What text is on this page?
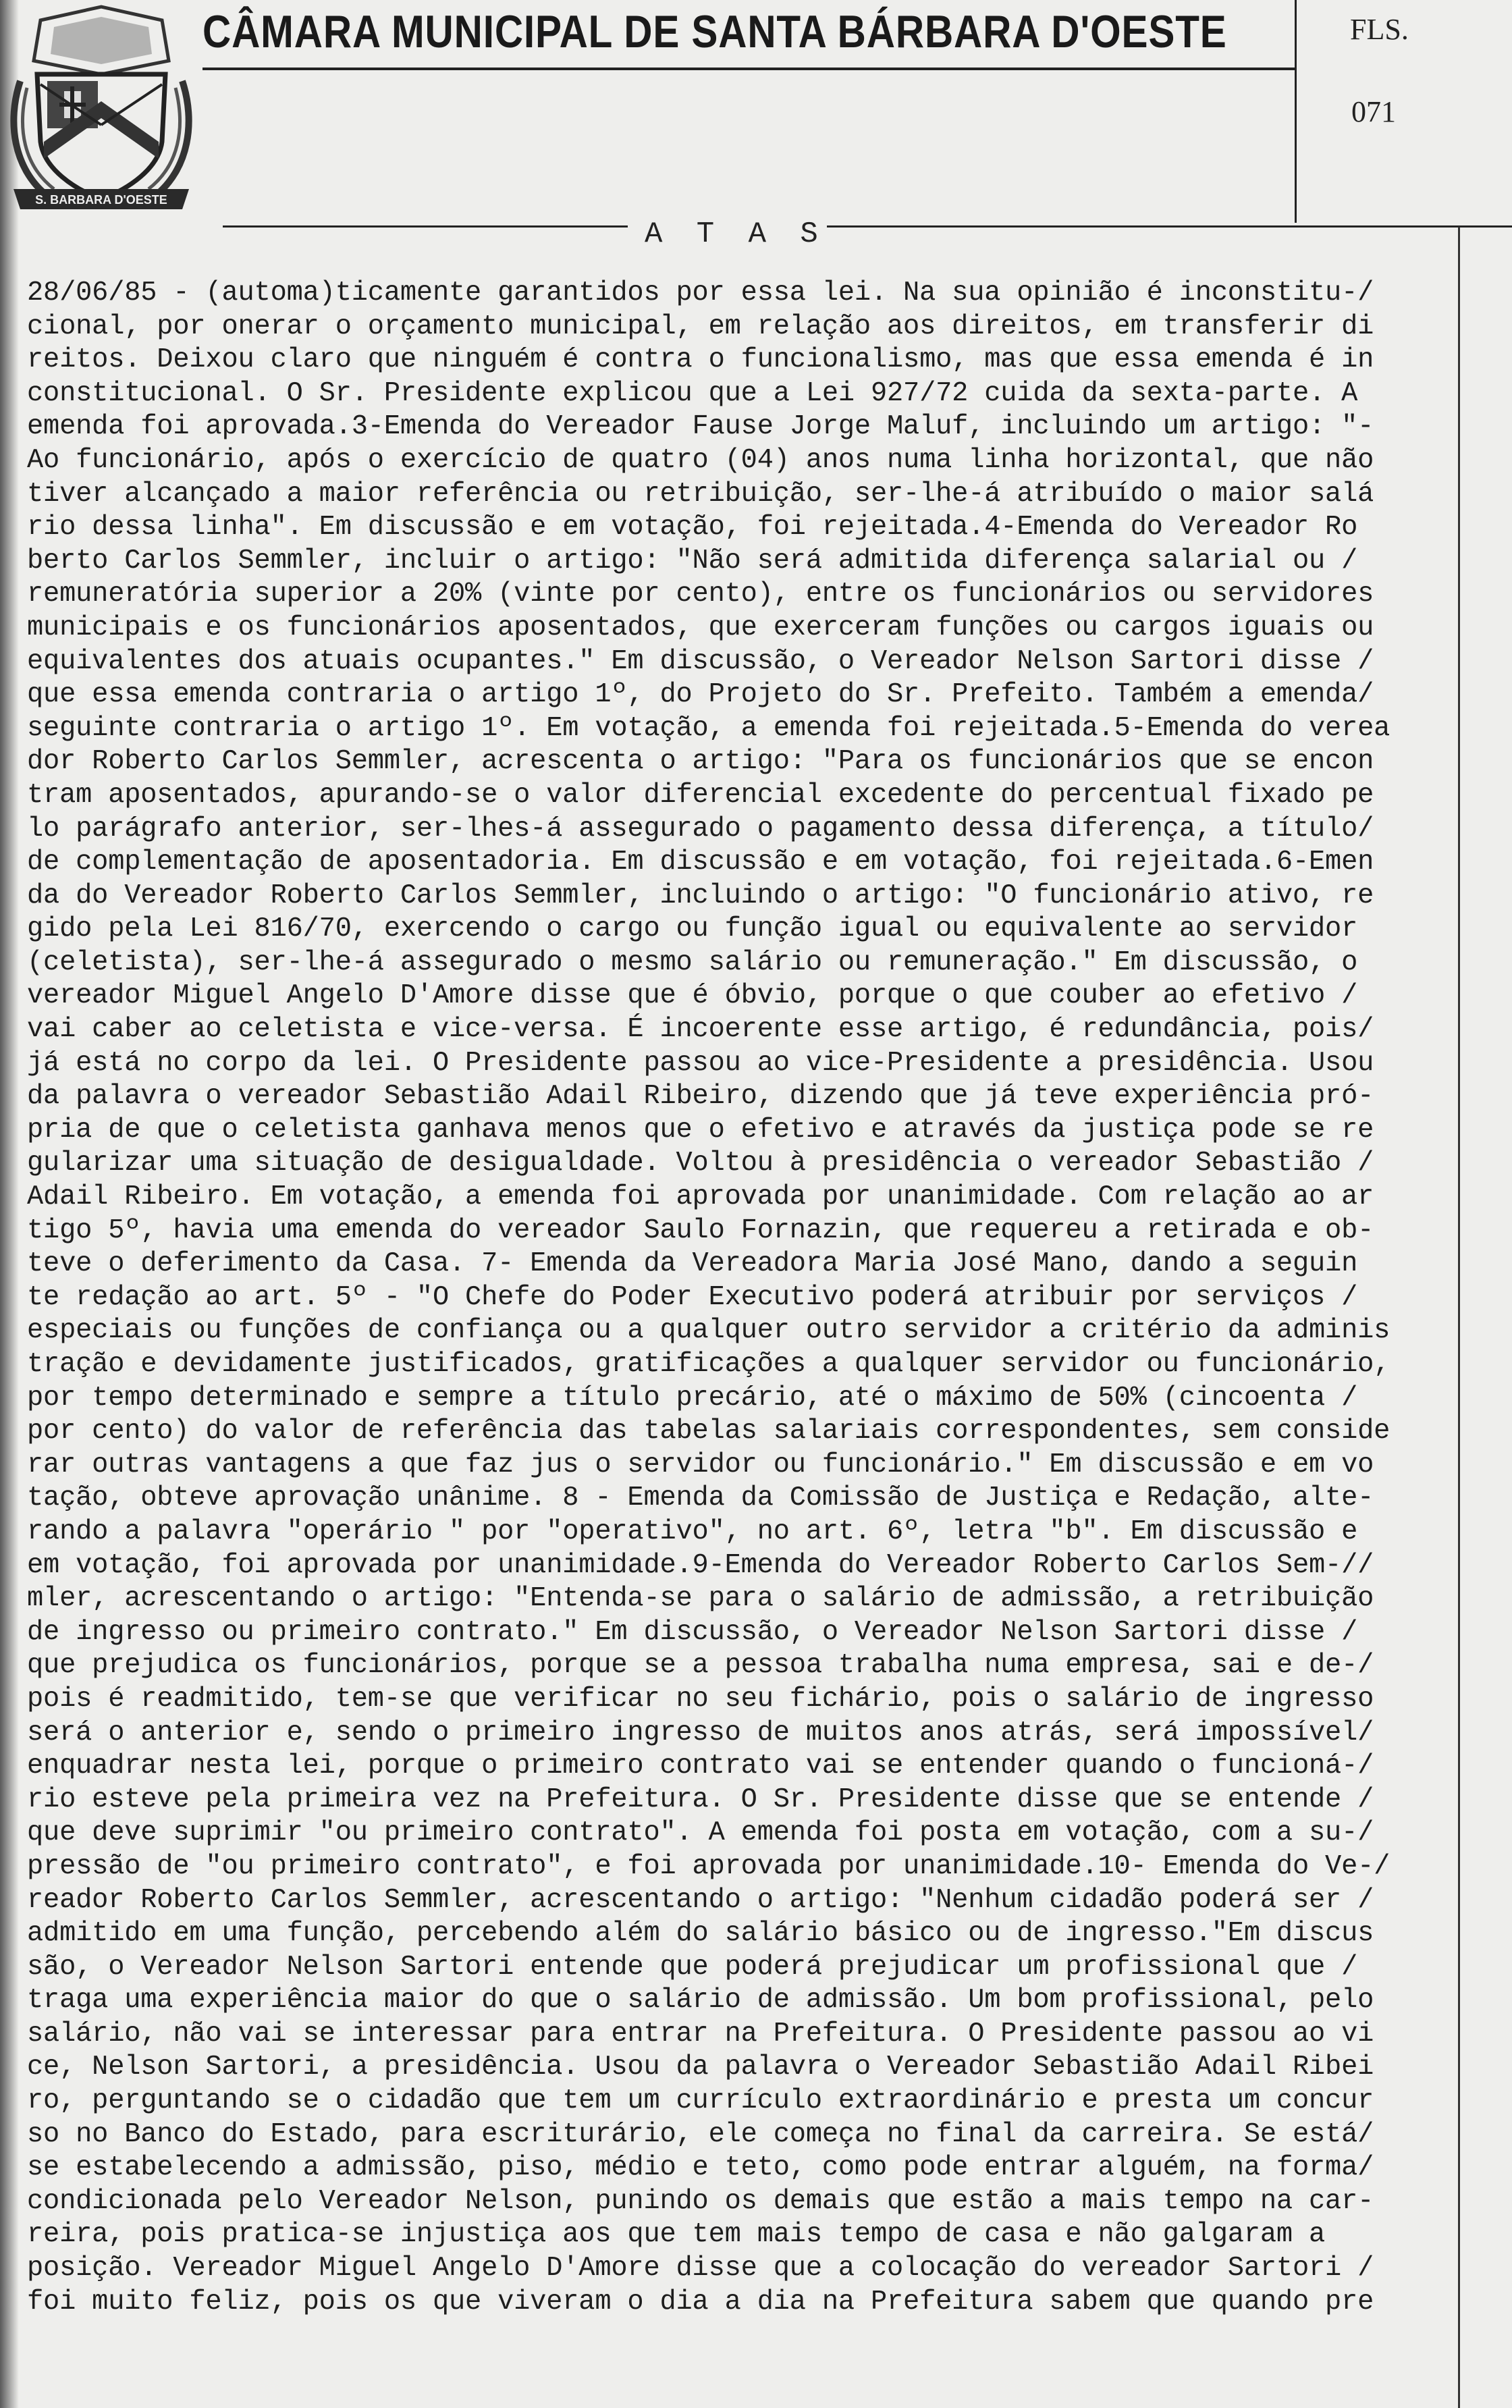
S. BARBARA D'OESTE
CÂMARA MUNICIPAL DE SANTA BÁRBARA D'OESTE	FLS.
071
A T A S
28/06/85 - (automa)ticamente garantidos por essa lei. Na sua opinião é inconstitu-/
cional, por onerar o orçamento municipal, em relação aos direitos, em transferir di
reitos. Deixou claro que ninguém é contra o funcionalismo, mas que essa emenda é in
constitucional. O Sr. Presidente explicou que a Lei 927/72 cuida da sexta-parte. A
emenda foi aprovada.3-Emenda do Vereador Fause Jorge Maluf, incluindo um artigo: "-
Ao funcionário, após o exercício de quatro (04) anos numa linha horizontal, que não
tiver alcançado a maior referência ou retribuição, ser-lhe-á atribuído o maior salá
rio dessa linha". Em discussão e em votação, foi rejeitada.4-Emenda do Vereador Ro
berto Carlos Semmler, incluir o artigo: "Não será admitida diferença salarial ou /
remuneratória superior a 20% (vinte por cento), entre os funcionários ou servidores
municipais e os funcionários aposentados, que exerceram funções ou cargos iguais ou
equivalentes dos atuais ocupantes." Em discussão, o Vereador Nelson Sartori disse /
que essa emenda contraria o artigo 1º, do Projeto do Sr. Prefeito. Também a emenda/
seguinte contraria o artigo 1º. Em votação, a emenda foi rejeitada.5-Emenda do verea
dor Roberto Carlos Semmler, acrescenta o artigo: "Para os funcionários que se encon
tram aposentados, apurando-se o valor diferencial excedente do percentual fixado pe
lo parágrafo anterior, ser-lhes-á assegurado o pagamento dessa diferença, a título/
de complementação de aposentadoria. Em discussão e em votação, foi rejeitada.6-Emen
da do Vereador Roberto Carlos Semmler, incluindo o artigo: "O funcionário ativo, re
gido pela Lei 816/70, exercendo o cargo ou função igual ou equivalente ao servidor
(celetista), ser-lhe-á assegurado o mesmo salário ou remuneração." Em discussão, o
vereador Miguel Angelo D'Amore disse que é óbvio, porque o que couber ao efetivo /
vai caber ao celetista e vice-versa. É incoerente esse artigo, é redundância, pois/
já está no corpo da lei. O Presidente passou ao vice-Presidente a presidência. Usou
da palavra o vereador Sebastião Adail Ribeiro, dizendo que já teve experiência pró-
pria de que o celetista ganhava menos que o efetivo e através da justiça pode se re
gularizar uma situação de desigualdade. Voltou à presidência o vereador Sebastião /
Adail Ribeiro. Em votação, a emenda foi aprovada por unanimidade. Com relação ao ar
tigo 5º, havia uma emenda do vereador Saulo Fornazin, que requereu a retirada e ob-
teve o deferimento da Casa. 7- Emenda da Vereadora Maria José Mano, dando a seguin
te redação ao art. 5º - "O Chefe do Poder Executivo poderá atribuir por serviços /
especiais ou funções de confiança ou a qualquer outro servidor a critério da adminis
tração e devidamente justificados, gratificações a qualquer servidor ou funcionário,
por tempo determinado e sempre a título precário, até o máximo de 50% (cincoenta /
por cento) do valor de referência das tabelas salariais correspondentes, sem conside
rar outras vantagens a que faz jus o servidor ou funcionário." Em discussão e em vo
tação, obteve aprovação unânime. 8 - Emenda da Comissão de Justiça e Redação, alte-
rando a palavra "operário " por "operativo", no art. 6º, letra "b". Em discussão e
em votação, foi aprovada por unanimidade.9-Emenda do Vereador Roberto Carlos Sem-//
mler, acrescentando o artigo: "Entenda-se para o salário de admissão, a retribuição
de ingresso ou primeiro contrato." Em discussão, o Vereador Nelson Sartori disse /
que prejudica os funcionários, porque se a pessoa trabalha numa empresa, sai e de-/
pois é readmitido, tem-se que verificar no seu fichário, pois o salário de ingresso
será o anterior e, sendo o primeiro ingresso de muitos anos atrás, será impossível/
enquadrar nesta lei, porque o primeiro contrato vai se entender quando o funcioná-/
rio esteve pela primeira vez na Prefeitura. O Sr. Presidente disse que se entende /
que deve suprimir "ou primeiro contrato". A emenda foi posta em votação, com a su-/
pressão de "ou primeiro contrato", e foi aprovada por unanimidade.10- Emenda do Ve-/
reador Roberto Carlos Semmler, acrescentando o artigo: "Nenhum cidadão poderá ser /
admitido em uma função, percebendo além do salário básico ou de ingresso."Em discus
são, o Vereador Nelson Sartori entende que poderá prejudicar um profissional que /
traga uma experiência maior do que o salário de admissão. Um bom profissional, pelo
salário, não vai se interessar para entrar na Prefeitura. O Presidente passou ao vi
ce, Nelson Sartori, a presidência. Usou da palavra o Vereador Sebastião Adail Ribei
ro, perguntando se o cidadão que tem um currículo extraordinário e presta um concur
so no Banco do Estado, para escriturário, ele começa no final da carreira. Se está/
se estabelecendo a admissão, piso, médio e teto, como pode entrar alguém, na forma/
condicionada pelo Vereador Nelson, punindo os demais que estão a mais tempo na car-
reira, pois pratica-se injustiça aos que tem mais tempo de casa e não galgaram a
posição. Vereador Miguel Angelo D'Amore disse que a colocação do vereador Sartori /
foi muito feliz, pois os que viveram o dia a dia na Prefeitura sabem que quando pre
